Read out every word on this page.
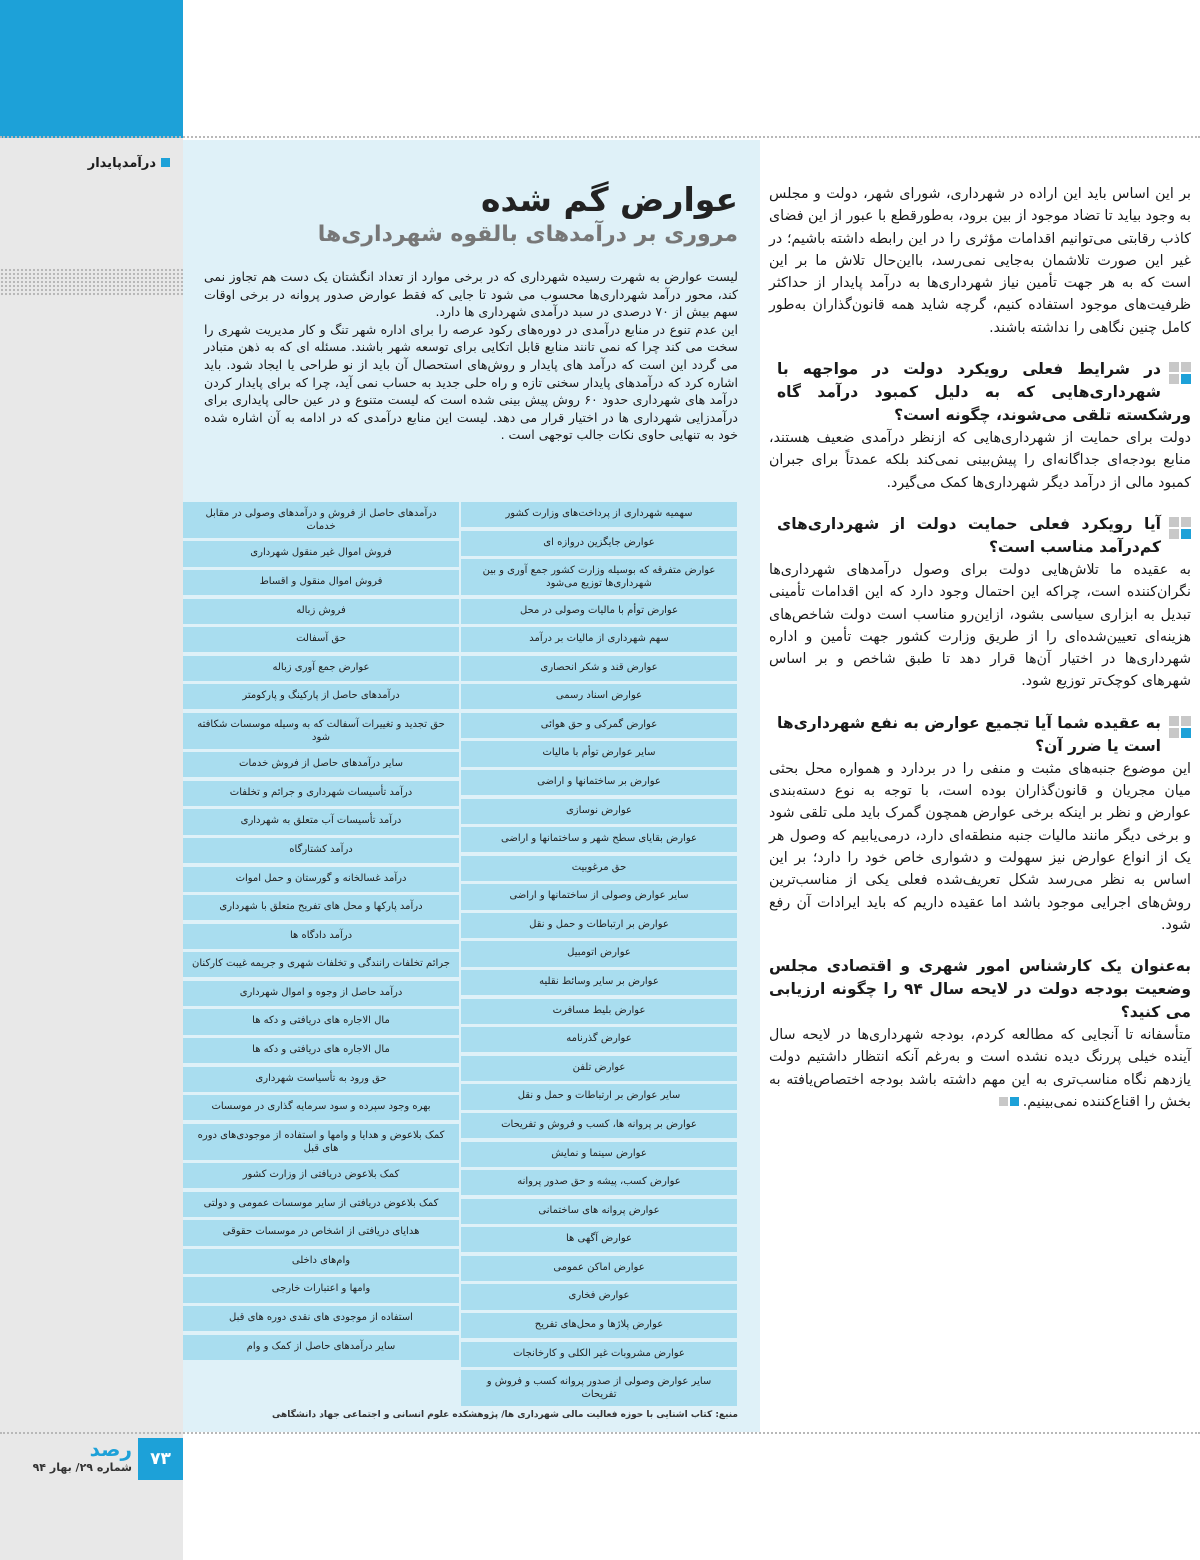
درآمدپایدار
عوارض گم شده
مروری بر درآمدهای بالقوه شهرداری‌ها

لیست عوارض به شهرت رسیده شهرداری که در برخی موارد از تعداد انگشتان یک دست هم تجاوز نمی کند، محور درآمد شهرداری‌ها محسوب می شود تا جایی که فقط عوارض صدور پروانه در برخی اوقات سهم بیش از ۷۰ درصدی در سبد درآمدی شهرداری ها دارد.

این عدم تنوع در منابع درآمدی در دوره‌های رکود عرصه را برای اداره شهر تنگ و کار مدیریت شهری را سخت می کند چرا که نمی تانند منابع قابل اتکایی برای توسعه شهر باشند. مسئله ای که به ذهن متبادر می گردد این است که درآمد های پایدار و روش‌های استحصال آن باید از نو طراحی یا ایجاد شود. باید اشاره کرد که درآمدهای پایدار سخنی تازه و راه حلی جدید به حساب نمی آید، چرا که برای پایدار کردن درآمد های شهرداری حدود ۶۰ روش پیش بینی شده است که لیست متنوع و در عین حالی پایداری برای درآمدزایی شهرداری ها در اختیار قرار می دهد. لیست این منابع درآمدی که در ادامه به آن اشاره شده خود به تنهایی حاوی نکات جالب توجهی است .

سهمیه شهرداری از پرداخت‌های وزارت کشور
عوارض جایگزین دروازه ای
عوارض متفرقه که بوسیله وزارت کشور جمع آوری و بین شهرداری‌ها توزیع می‌شود
عوارض توأم با مالیات وصولی در محل
سهم شهرداری از مالیات بر درآمد
عوارض قند و شکر انحصاری
عوارض اسناد رسمی
عوارض گمرکی و حق هوائی
سایر عوارض توأم با مالیات
عوارض بر ساختمانها و اراضی
عوارض نوسازی
عوارض بقایای سطح شهر و ساختمانها و اراضی
حق مرغوبیت
سایر عوارض وصولی از ساختمانها و اراضی
عوارض بر ارتباطات و حمل و نقل
عوارض اتومبیل
عوارض بر سایر وسائط نقلیه
عوارض بلیط مسافرت
عوارض گذرنامه
عوارض تلفن
سایر عوارض بر ارتباطات و حمل و نقل
عوارض بر پروانه ها، کسب و فروش و تفریحات
عوارض سینما و نمایش
عوارض کسب، پیشه و حق صدور پروانه
عوارض پروانه های ساختمانی
عوارض آگهی ها
عوارض اماکن عمومی
عوارض فخاری
عوارض پلاژها و محل‌های تفریح
عوارض مشروبات غیر الکلی و کارخانجات
سایر عوارض وصولی از صدور پروانه کسب و فروش و تفریحات
درآمدهای حاصل از فروش و درآمدهای وصولی در مقابل خدمات
فروش اموال غیر منقول شهرداری
فروش اموال منقول و اقساط
فروش زباله
حق آسفالت
عوارض جمع آوری زباله
درآمدهای حاصل از پارکینگ و پارکومتر
حق تجدید و تغییرات آسفالت که به وسیله موسسات شکافته شود
سایر درآمدهای حاصل از فروش خدمات
درآمد تأسیسات شهرداری و جرائم و تخلفات
درآمد تأسیسات آب متعلق به شهرداری
درآمد کشتارگاه
درآمد غسالخانه و گورستان و حمل اموات
درآمد پارکها و محل های تفریح متعلق با شهرداری
درآمد دادگاه ها
جرائم تخلفات رانندگی و تخلفات شهری و جریمه غیبت کارکنان
درآمد حاصل از وجوه و اموال شهرداری
مال الاجاره های دریافتی و دکه ها
مال الاجاره های دریافتی و دکه ها
حق ورود به تأسیاست شهرداری
بهره وجود سپرده و سود سرمایه گذاری در موسسات
کمک بلاعوض و هدایا و وامها و استفاده از موجودی‌های دوره های قبل
کمک بلاعوض دریافتی از وزارت کشور
کمک بلاعوض دریافتی از سایر موسسات عمومی و دولتی
هدایای دریافتی از اشخاص در موسسات حقوقی
وام‌های داخلی
وامها و اعتبارات خارجی
استفاده از موجودی های نقدی دوره های قبل
سایر درآمدهای حاصل از کمک و وام
منبع: کتاب اشنایی با حوزه فعالیت مالی شهرداری ها/ پژوهشکده علوم انسانی و اجتماعی جهاد دانشگاهی

بر این اساس باید این اراده در شهرداری، شورای شهر، دولت و مجلس به وجود بیاید تا تضاد موجود از بین برود، به‌طورقطع با عبور از این فضای کاذب رقابتی می‌توانیم اقدامات مؤثری را در این رابطه داشته باشیم؛ در غیر این صورت تلاشمان به‌جایی نمی‌رسد، بااین‌حال تلاش ما بر این است که به هر جهت تأمین نیاز شهرداری‌ها به درآمد پایدار از حداکثر ظرفیت‌های موجود استفاده کنیم، گرچه شاید همه قانون‌گذاران به‌طور کامل چنین نگاهی را نداشته باشند.

در شرایط فعلی رویکرد دولت در مواجهه با شهرداری‌هایی که به دلیل کمبود درآمد گاه ورشکسته تلقی می‌شوند، چگونه است؟

دولت برای حمایت از شهرداری‌هایی که ازنظر درآمدی ضعیف هستند، منابع بودجه‌ای جداگانه‌ای را پیش‌بینی نمی‌کند بلکه عمدتاً برای جبران کمبود مالی از درآمد دیگر شهرداری‌ها کمک می‌گیرد.

آیا رویکرد فعلی حمایت دولت از شهرداری‌های کم‌درآمد مناسب است؟

به عقیده ما تلاش‌هایی دولت برای وصول درآمدهای شهرداری‌ها نگران‌کننده است، چراکه این احتمال وجود دارد که این اقدامات تأمینی تبدیل به ابزاری سیاسی بشود، ازاین‌رو مناسب است دولت شاخص‌های هزینه‌ای تعیین‌شده‌ای را از طریق وزارت کشور جهت تأمین و اداره شهرداری‌ها در اختیار آن‌ها قرار دهد تا طبق شاخص و بر اساس شهرهای کوچک‌تر توزیع شود.

به عقیده شما آیا تجمیع عوارض به نفع شهرداری‌ها است یا ضرر آن؟

این موضوع جنبه‌های مثبت و منفی را در بردارد و همواره محل بحثی میان مجریان و قانون‌گذاران بوده است، با توجه به نوع دسته‌بندی عوارض و نظر بر اینکه برخی عوارض همچون گمرک باید ملی تلقی شود و برخی دیگر مانند مالیات جنبه منطقه‌ای دارد، درمی‌یابیم که وصول هر یک از انواع عوارض نیز سهولت و دشواری خاص خود را دارد؛ بر این اساس به نظر می‌رسد شکل تعریف‌شده فعلی یکی از مناسب‌ترین روش‌های اجرایی موجود باشد اما عقیده داریم که باید ایرادات آن رفع شود.

به‌عنوان یک کارشناس امور شهری و اقتصادی مجلس وضعیت بودجه دولت در لایحه سال ۹۴ را چگونه ارزیابی می کنید؟

متأسفانه تا آنجایی که مطالعه کردم، بودجه شهرداری‌ها در لایحه سال آینده خیلی پررنگ دیده نشده است و به‌رغم آنکه انتظار داشتیم دولت یازدهم نگاه مناسب‌تری به این مهم داشته باشد بودجه اختصاص‌یافته به بخش را اقناع‌کننده نمی‌بینیم.

۷۳
رصد
شماره ۲۹/ بهار ۹۴
